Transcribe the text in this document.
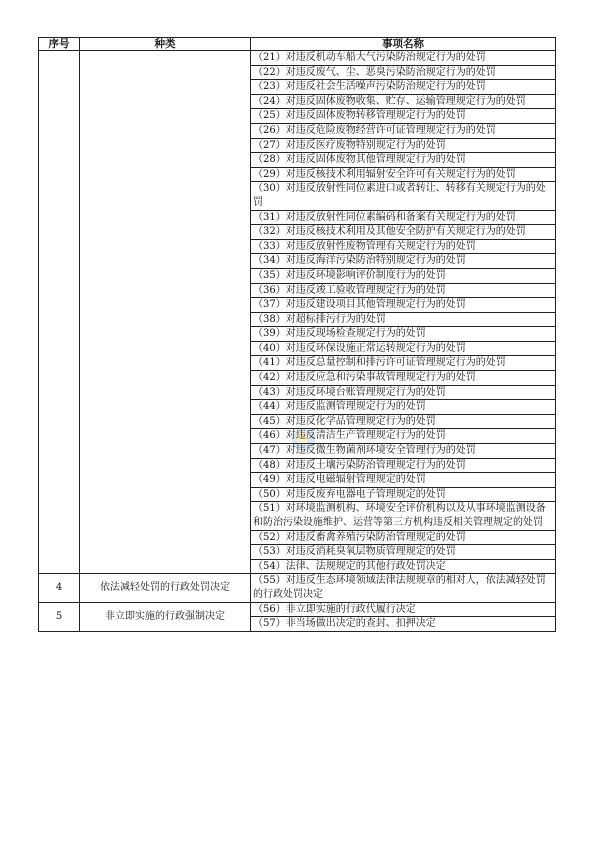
序号	种类	事项名称
		（21）对违反机动车船大气污染防治规定行为的处罚
		（22）对违反废气、尘、恶臭污染防治规定行为的处罚
		（23）对违反社会生活噪声污染防治规定行为的处罚
		（24）对违反固体废物收集、贮存、运输管理规定行为的处罚
		（25）对违反固体废物转移管理规定行为的处罚
		（26）对违反危险废物经营许可证管理规定行为的处罚
		（27）对违反医疗废物特别规定行为的处罚
		（28）对违反固体废物其他管理规定行为的处罚
		（29）对违反核技术利用辐射安全许可有关规定行为的处罚
		（30）对违反放射性同位素进口或者转让、转移有关规定行为的处罚
		（31）对违反放射性同位素编码和备案有关规定行为的处罚
		（32）对违反核技术利用及其他安全防护有关规定行为的处罚
		（33）对违反放射性废物管理有关规定行为的处罚
		（34）对违反海洋污染防治特别规定行为的处罚
		（35）对违反环境影响评价制度行为的处罚
		（36）对违反竣工验收管理规定行为的处罚
		（37）对违反建设项目其他管理规定行为的处罚
		（38）对超标排污行为的处罚
		（39）对违反现场检查规定行为的处罚
		（40）对违反环保设施正常运转规定行为的处罚
		（41）对违反总量控制和排污许可证管理规定行为的处罚
		（42）对违反应急和污染事故管理规定行为的处罚
		（43）对违反环境台账管理规定行为的处罚
		（44）对违反监测管理规定行为的处罚
		（45）对违反化学品管理规定行为的处罚
		（46）对违反清洁生产管理规定行为的处罚
		（47）对违反微生物菌剂环境安全管理行为的处罚
		（48）对违反土壤污染防治管理规定行为的处罚
		（49）对违反电磁辐射管理规定的处罚
		（50）对违反废弃电器电子管理规定的处罚
		（51）对环境监测机构、环境安全评价机构以及从事环境监测设备和防治污染设施维护、运营等第三方机构违反相关管理规定的处罚
		（52）对违反畜禽养殖污染防治管理规定的处罚
		（53）对违反消耗臭氧层物质管理规定的处罚
		（54）法律、法规规定的其他行政处罚决定
4	依法减轻处罚的行政处罚决定	（55）对违反生态环境领域法律法规规章的相对人，依法减轻处罚的行政处罚决定
5	非立即实施的行政强制决定	（56）非立即实施的行政代履行决定
		（57）非当场做出决定的查封、扣押决定
